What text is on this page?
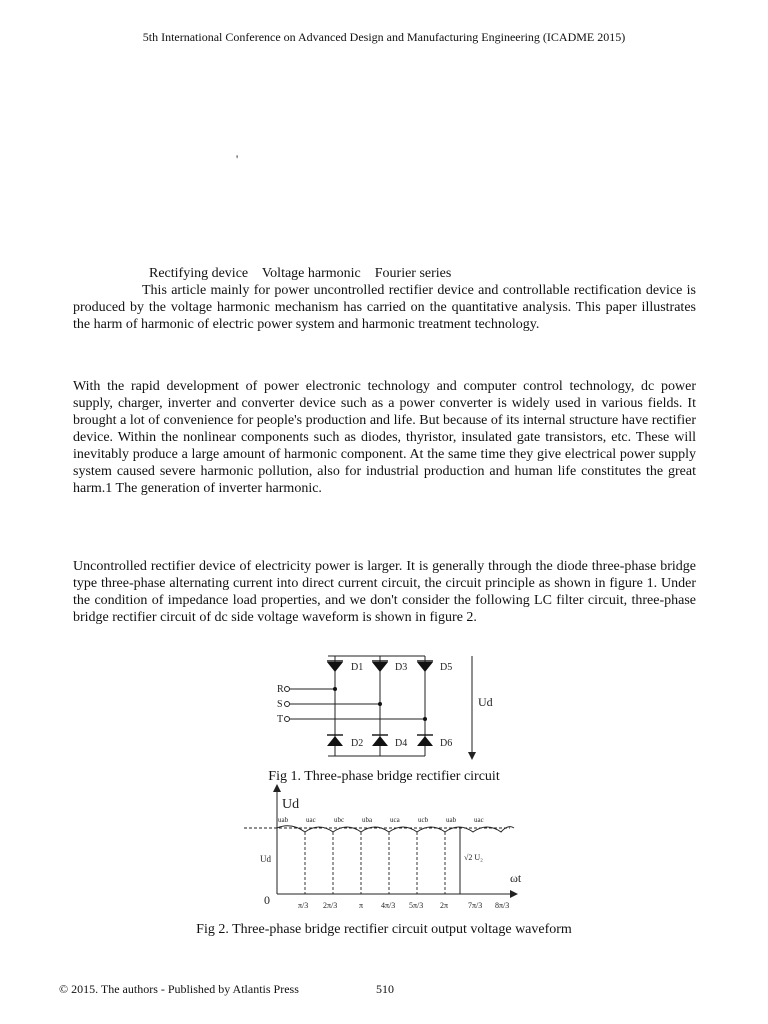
5th International Conference on Advanced Design and Manufacturing Engineering (ICADME 2015)
'
Rectifying device    Voltage harmonic    Fourier series
This article mainly for power uncontrolled rectifier device and controllable rectification device is produced by the voltage harmonic mechanism has carried on the quantitative analysis. This paper illustrates the harm of harmonic of electric power system and harmonic treatment technology.
With the rapid development of power electronic technology and computer control technology, dc power supply, charger, inverter and converter device such as a power converter is widely used in various fields. It brought a lot of convenience for people's production and life. But because of its internal structure have rectifier device. Within the nonlinear components such as diodes, thyristor, insulated gate transistors, etc. These will inevitably produce a large amount of harmonic component. At the same time they give electrical power supply system caused severe harmonic pollution, also for industrial production and human life constitutes the great harm.1 The generation of inverter harmonic.
Uncontrolled rectifier device of electricity power is larger. It is generally through the diode three-phase bridge type three-phase alternating current into direct current circuit, the circuit principle as shown in figure 1. Under the condition of impedance load properties, and we don't consider the following LC filter circuit, three-phase bridge rectifier circuit of dc side voltage waveform is shown in figure 2.
D1	D3	D5
D2	D4	D6
R
S
T
Ud
Fig 1. Three-phase bridge rectifier circuit
uab	uac	ubc	uba	uca	ucb	uab	uac
Ud
Ud	√2 U₂
0
ωt
π/3 2π/3	π 4π/3 5π/3 2π 7π/3 8π/3
Fig 2. Three-phase bridge rectifier circuit output voltage waveform
© 2015. The authors - Published by Atlantis Press	510
